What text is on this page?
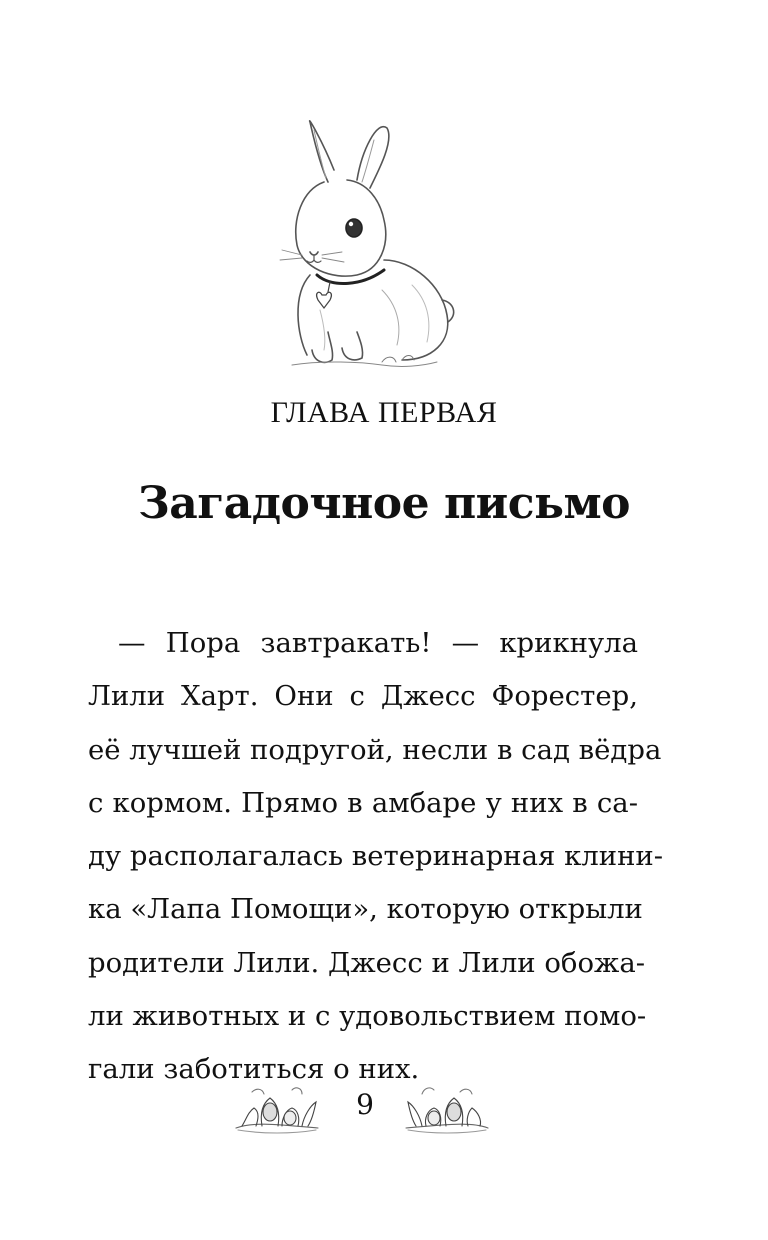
ГЛАВА ПЕРВАЯ
Загадочное письмо
— Пора завтракать! — крикнула
Лили Харт. Они с Джесс Форестер,
её лучшей подругой, несли в сад вёдра
с кормом. Прямо в амбаре у них в са-
ду располагалась ветеринарная клини-
ка «Лапа Помощи», которую открыли
родители Лили. Джесс и Лили обожа-
ли животных и с удовольствием помо-
гали заботиться о них.
9
